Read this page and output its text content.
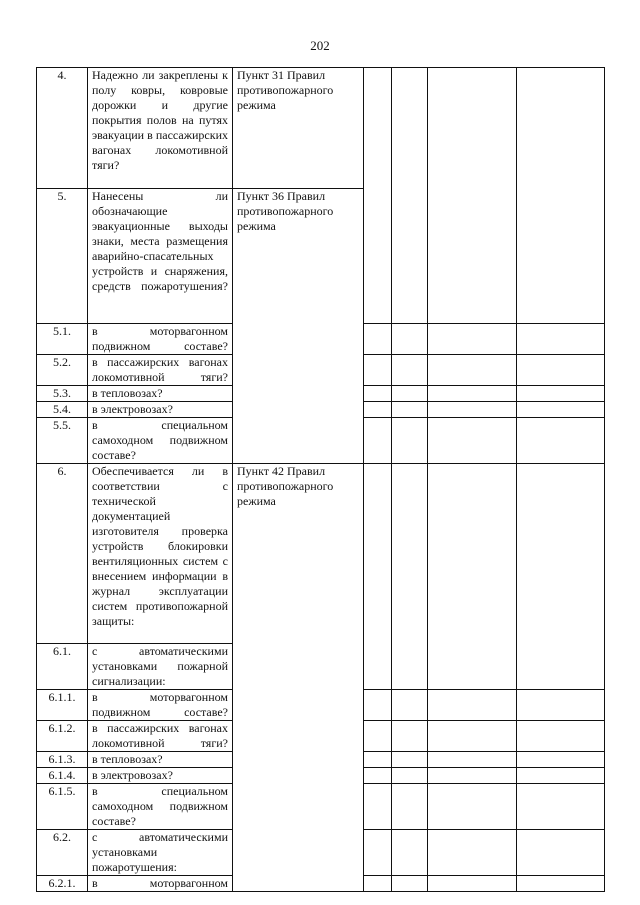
202
4.	Надежно ли закреплены к полу ковры, ковровые дорожки и другие покрытия полов на путях эвакуации в пассажирских вагонах локомотивной тяги?	Пункт 31 Правил противопожарного режима				

5.	Нанесены ли обозначающие эвакуационные выходы знаки, места размещения аварийно-спасательных устройств и снаряжения, средств пожаротушения?	Пункт 36 Правил противопожарного режима				

5.1.	в моторвагонном подвижном составе?					

5.2.	в пассажирских вагонах локомотивной тяги?					

5.3.	в тепловозах?					

5.4.	в электровозах?					

5.5.	в специальном самоходном подвижном составе?					

6.	Обеспечивается ли в соответствии с технической документацией изготовителя проверка устройств блокировки вентиляционных систем с внесением информации в журнал эксплуатации систем противопожарной защиты:	Пункт 42 Правил противопожарного режима				

6.1.	с автоматическими установками пожарной сигнализации:					

6.1.1.	в моторвагонном подвижном составе?					

6.1.2.	в пассажирских вагонах локомотивной тяги?					

6.1.3.	в тепловозах?					

6.1.4.	в электровозах?					

6.1.5.	в специальном самоходном подвижном составе?					

6.2.	с автоматическими установками пожаротушения:					

6.2.1.	в моторвагонном					
